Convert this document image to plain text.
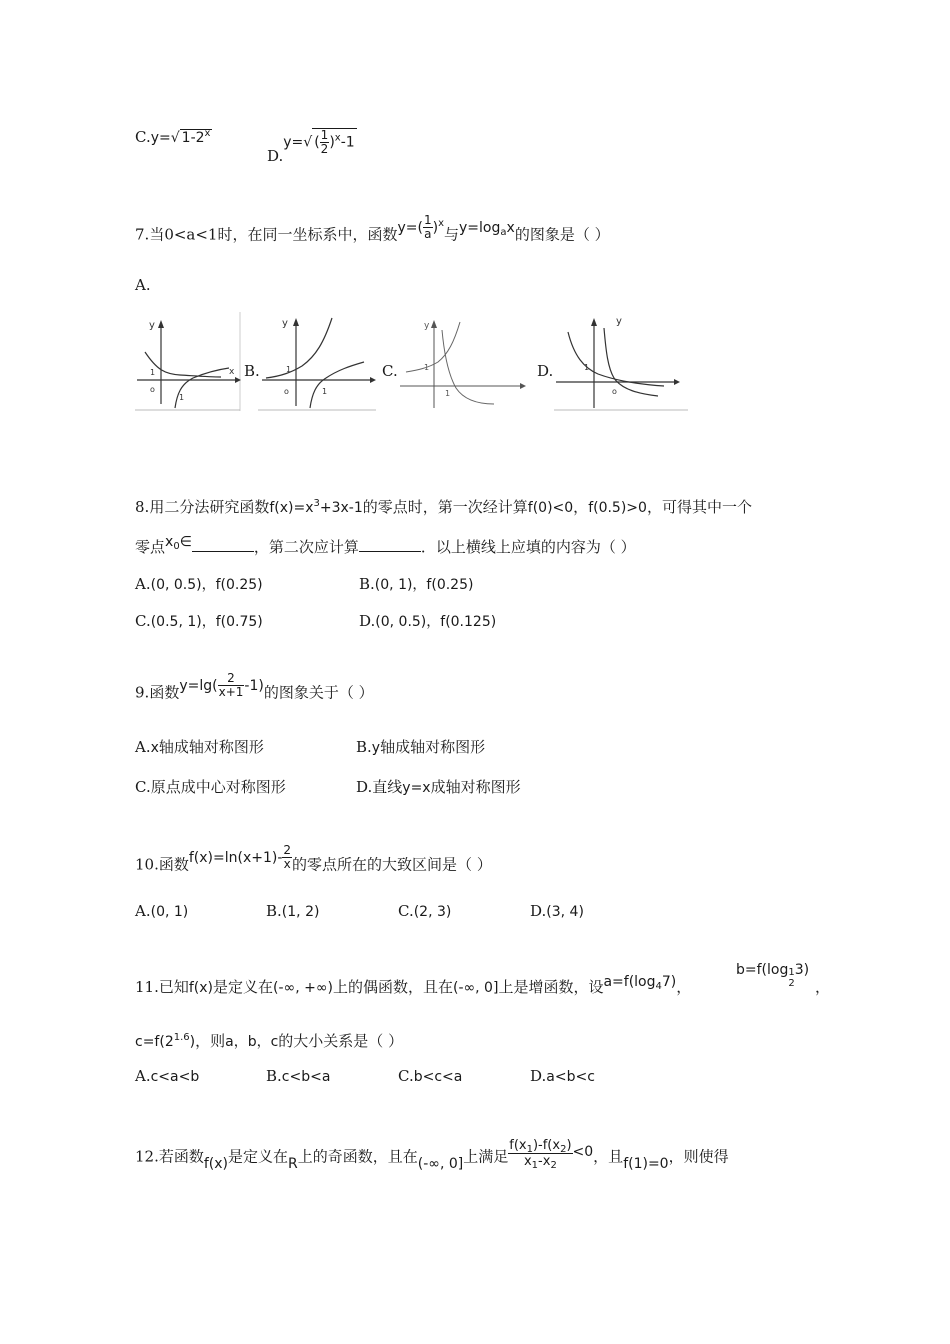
C.y=√ 1-2$^x$
D.y=√ ( $\frac{1}{2} )^x-1$
7.当0<a<1时，在同一坐标系中，函数$y=( \frac{1}{a} )^x$与$y=\log_ax$的图象是（ ）
A.
y
x
1
o
1
B.
y
1
o	1
C.
y
1
1
D.
y
1
o
8.用二分法研究函数$f(x)=x^3+3x-1$的零点时，第一次经计算f(0)<0，f(0.5)>0，可得其中一个
零点$x_0\in$	，第二次应计算	．以上横线上应填的内容为（ ）
A.(0, 0.5)，f(0.25)	B.(0, 1)，f(0.25)
C.(0.5, 1)，f(0.75)	D.(0, 0.5)，f(0.125)
9.函数$y=\lg( \frac{2}{x+1} -1)$的图象关于（ ）
A.x轴成轴对称图形	B.y轴成轴对称图形
C.原点成中心对称图形	D.直线y=x成轴对称图形
10.函数$f(x)=\ln(x+1)- \frac{2}{x}$ 的零点所在的大致区间是（ ）
A.(0, 1)	B.(1, 2)	C.(2, 3)	D.(3, 4)
11.已知f(x)是定义在(-∞, +∞)上的偶函数，且在(-∞, 0]上是增函数，设$a=f(\log_47)$，
b=f(log 1
2
3)
，
$c=f(2^{1.6})$，则a，b，c的大小关系是（ ）
A.c<a<b	B.c<b<a	C.b<c<a	D.a<b<c
12.若函数f(x)是定义在R上的奇函数，且在(-∞, 0]上满足 $\frac{f(x_1)-f(x_2)}{x_1-x_2} <0$，且f(1)=0，则使得
